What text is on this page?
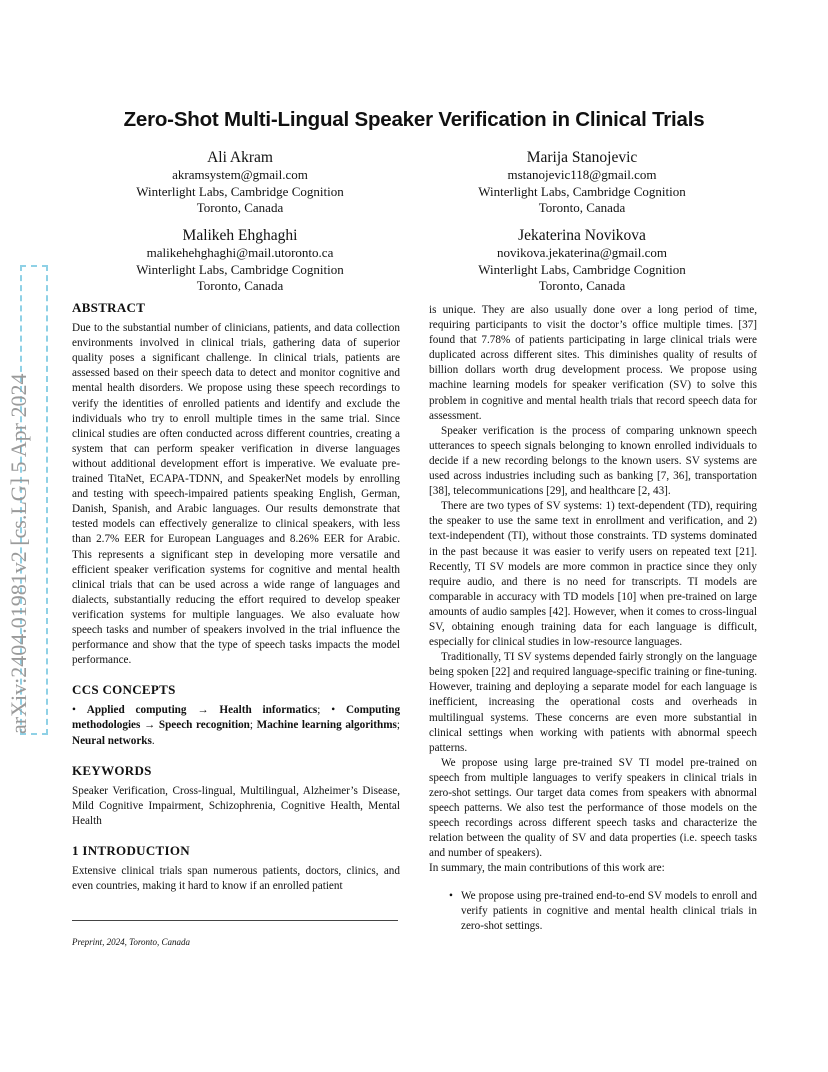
arXiv:2404.01981v2 [cs.LG] 5 Apr 2024
Zero-Shot Multi-Lingual Speaker Verification in Clinical Trials
Ali Akram
akramsystem@gmail.com
Winterlight Labs, Cambridge Cognition
Toronto, Canada
Marija Stanojevic
mstanojevic118@gmail.com
Winterlight Labs, Cambridge Cognition
Toronto, Canada
Malikeh Ehghaghi
malikehehghaghi@mail.utoronto.ca
Winterlight Labs, Cambridge Cognition
Toronto, Canada
Jekaterina Novikova
novikova.jekaterina@gmail.com
Winterlight Labs, Cambridge Cognition
Toronto, Canada
ABSTRACT

Due to the substantial number of clinicians, patients, and data collection environments involved in clinical trials, gathering data of superior quality poses a significant challenge. In clinical trials, patients are assessed based on their speech data to detect and monitor cognitive and mental health disorders. We propose using these speech recordings to verify the identities of enrolled patients and identify and exclude the individuals who try to enroll multiple times in the same trial. Since clinical studies are often conducted across different countries, creating a system that can perform speaker verification in diverse languages without additional development effort is imperative. We evaluate pre-trained TitaNet, ECAPA-TDNN, and SpeakerNet models by enrolling and testing with speech-impaired patients speaking English, German, Danish, Spanish, and Arabic languages. Our results demonstrate that tested models can effectively generalize to clinical speakers, with less than 2.7% EER for European Languages and 8.26% EER for Arabic. This represents a significant step in developing more versatile and efficient speaker verification systems for cognitive and mental health clinical trials that can be used across a wide range of languages and dialects, substantially reducing the effort required to develop speaker verification systems for multiple languages. We also evaluate how speech tasks and number of speakers involved in the trial influence the performance and show that the type of speech tasks impacts the model performance.

CCS CONCEPTS

• Applied computing → Health informatics; • Computing methodologies → Speech recognition; Machine learning algorithms; Neural networks.

KEYWORDS

Speaker Verification, Cross-lingual, Multilingual, Alzheimer’s Disease, Mild Cognitive Impairment, Schizophrenia, Cognitive Health, Mental Health

1 INTRODUCTION

Extensive clinical trials span numerous patients, doctors, clinics, and even countries, making it hard to know if an enrolled patient

Preprint, 2024, Toronto, Canada

is unique. They are also usually done over a long period of time, requiring participants to visit the doctor’s office multiple times. [37] found that 7.78% of patients participating in large clinical trials were duplicated across different sites. This diminishes quality of results of billion dollars worth drug development process. We propose using machine learning models for speaker verification (SV) to solve this problem in cognitive and mental health trials that record speech data for assessment.

Speaker verification is the process of comparing unknown speech utterances to speech signals belonging to known enrolled individuals to decide if a new recording belongs to the known users. SV systems are used across industries including such as banking [7, 36], transportation [38], telecommunications [29], and healthcare [2, 43].

There are two types of SV systems: 1) text-dependent (TD), requiring the speaker to use the same text in enrollment and verification, and 2) text-independent (TI), without those constraints. TD systems dominated in the past because it was easier to verify users on repeated text [21]. Recently, TI SV models are more common in practice since they only require audio, and there is no need for transcripts. TI models are comparable in accuracy with TD models [10] when pre-trained on large amounts of audio samples [42]. However, when it comes to cross-lingual SV, obtaining enough training data for each language is difficult, especially for clinical studies in low-resource languages.

Traditionally, TI SV systems depended fairly strongly on the language being spoken [22] and required language-specific training or fine-tuning. However, training and deploying a separate model for each language is inefficient, increasing the operational costs and overheads in multilingual systems. These concerns are even more substantial in clinical settings when working with patients with abnormal speech patterns.

We propose using large pre-trained SV TI model pre-trained on speech from multiple languages to verify speakers in clinical trials in zero-shot settings. Our target data comes from speakers with abnormal speech patterns. We also test the performance of those models on the speech recordings across different speech tasks and characterize the relation between the quality of SV and data properties (i.e. speech tasks and number of speakers).

In summary, the main contributions of this work are:

• We propose using pre-trained end-to-end SV models to enroll and verify patients in cognitive and mental health clinical trials in zero-shot settings.
